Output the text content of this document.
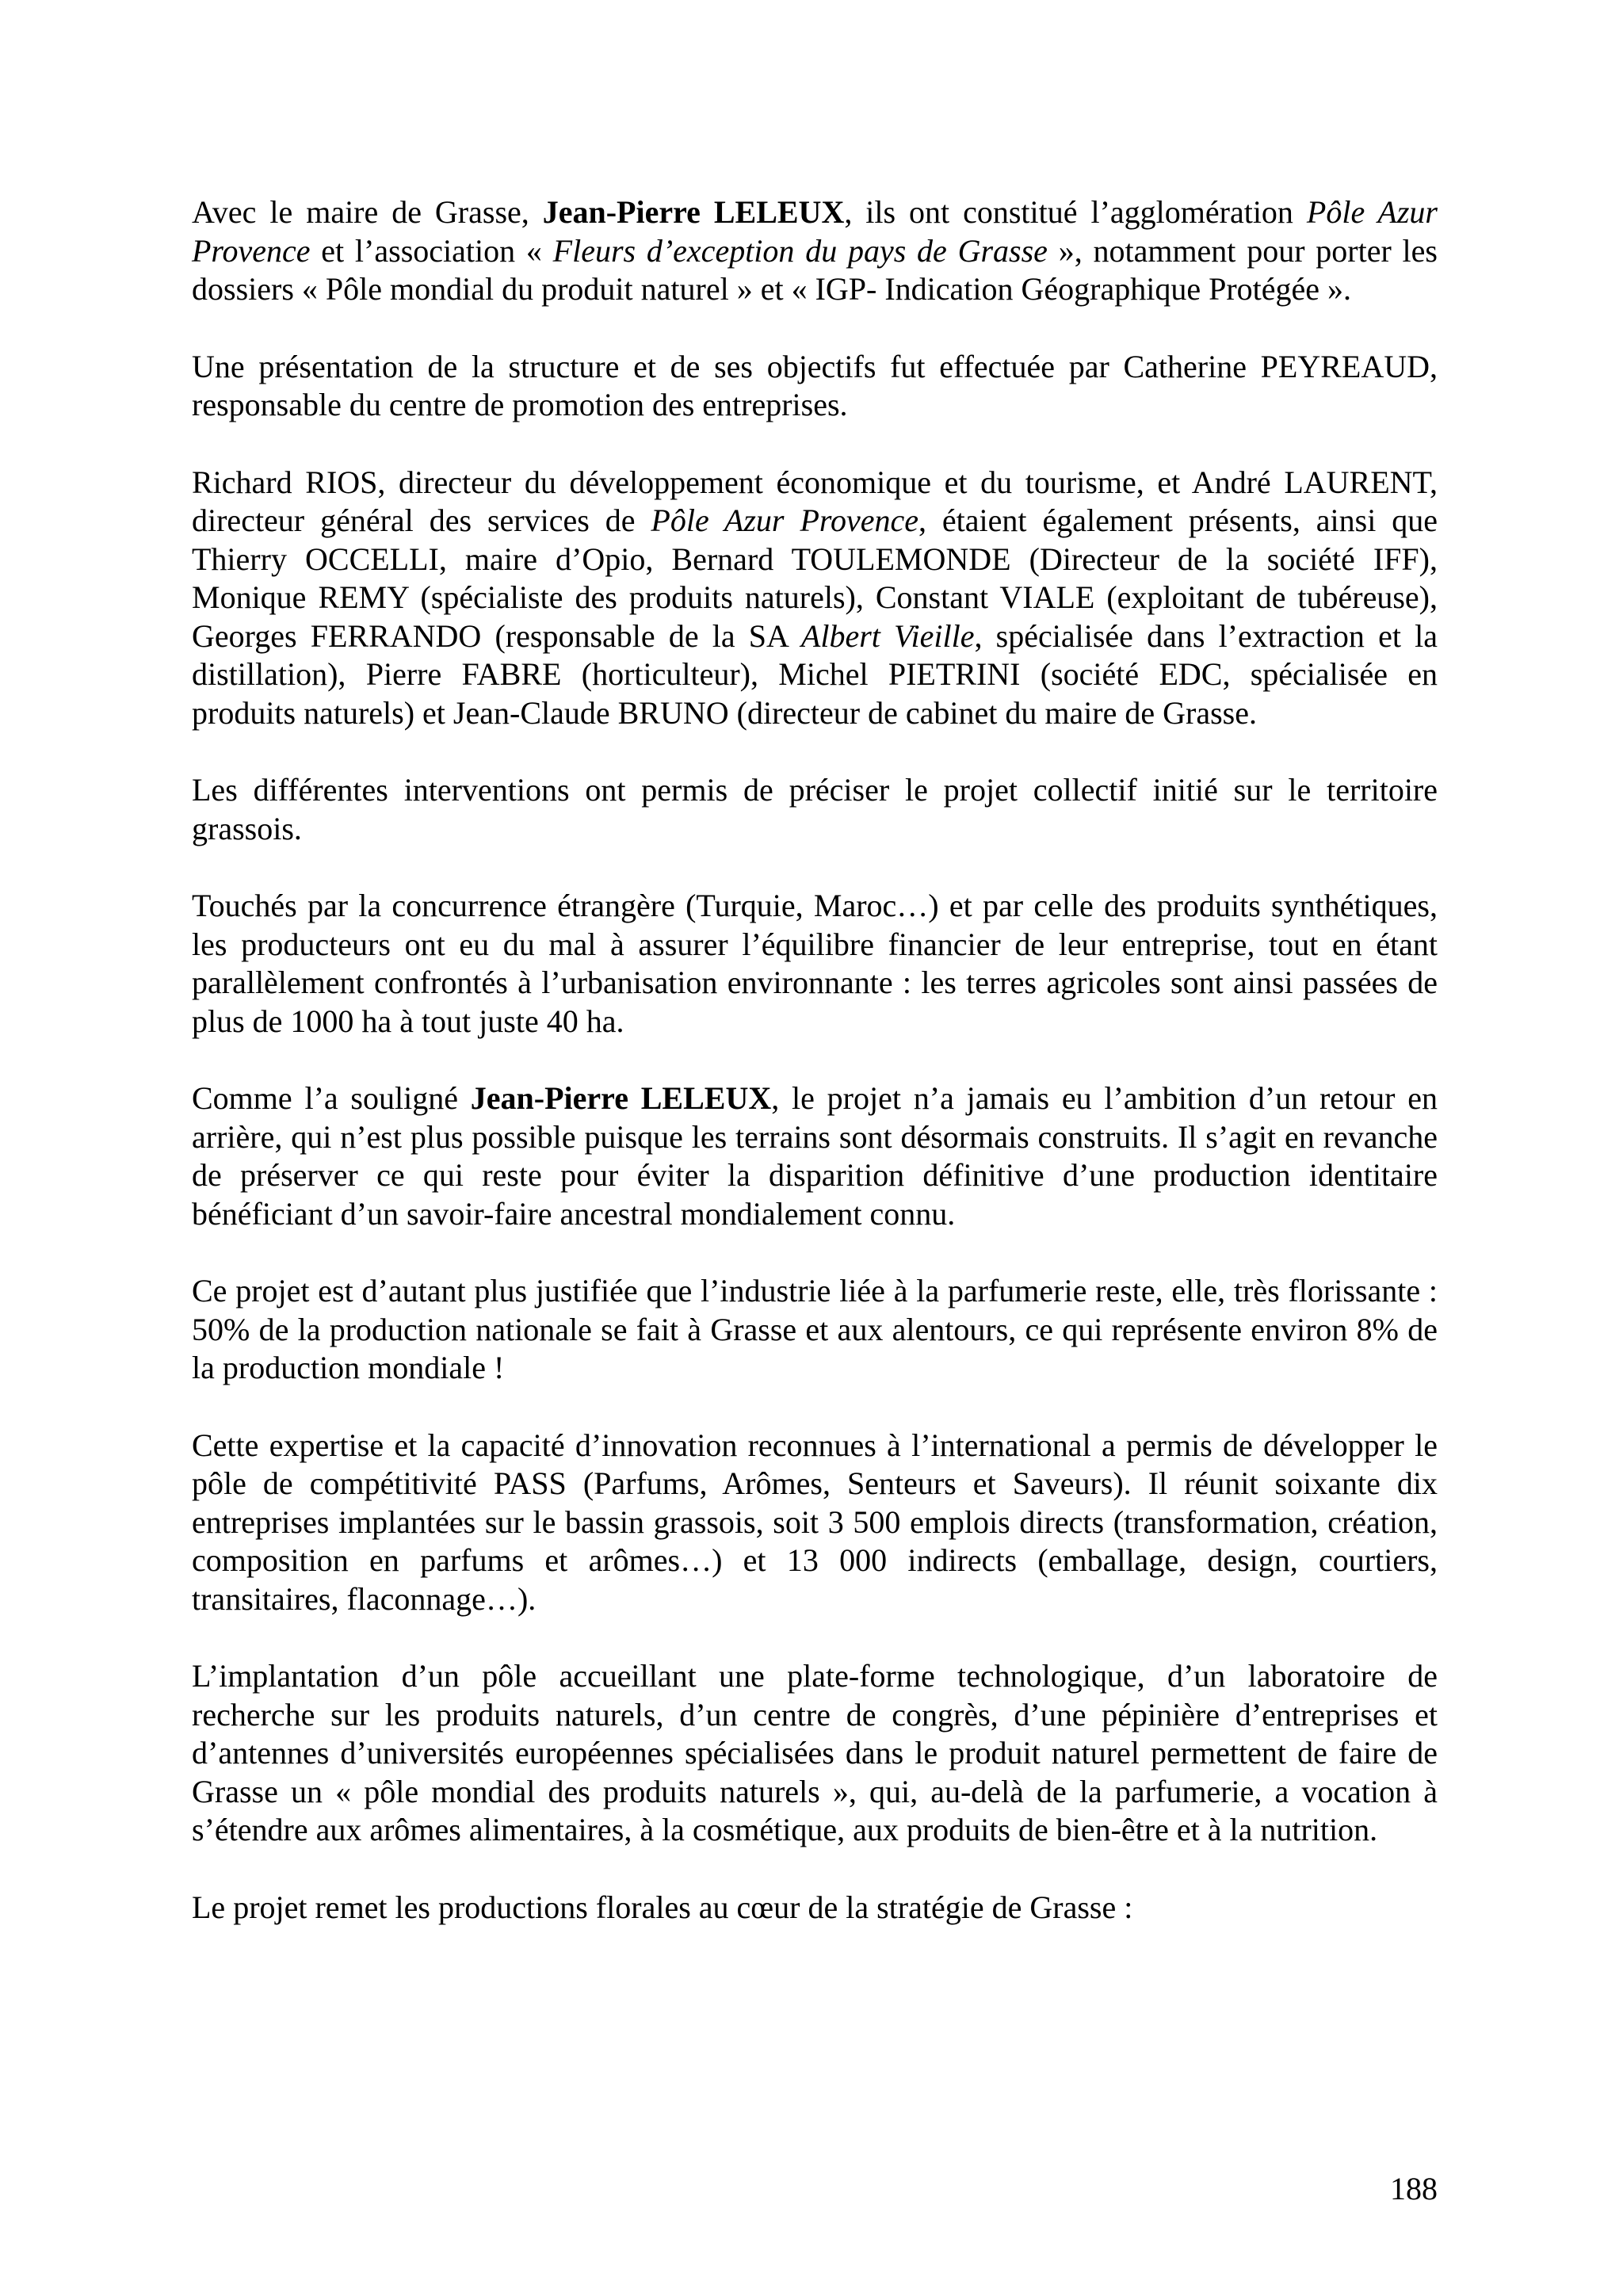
Avec le maire de Grasse, Jean-Pierre LELEUX, ils ont constitué l’agglomération Pôle Azur Provence et l’association « Fleurs d’exception du pays de Grasse », notamment pour porter les dossiers « Pôle mondial du produit naturel » et « IGP- Indication Géographique Protégée ».

Une présentation de la structure et de ses objectifs fut effectuée par Catherine PEYREAUD, responsable du centre de promotion des entreprises.

Richard RIOS, directeur du développement économique et du tourisme, et André LAURENT, directeur général des services de Pôle Azur Provence, étaient également présents, ainsi que Thierry OCCELLI, maire d’Opio, Bernard TOULEMONDE (Directeur de la société IFF), Monique REMY (spécialiste des produits naturels), Constant VIALE (exploitant de tubéreuse), Georges FERRANDO (responsable de la SA Albert Vieille, spécialisée dans l’extraction et la distillation), Pierre FABRE (horticulteur), Michel PIETRINI (société EDC, spécialisée en produits naturels) et Jean-Claude BRUNO (directeur de cabinet du maire de Grasse.

Les différentes interventions ont permis de préciser le projet collectif initié sur le territoire grassois.

Touchés par la concurrence étrangère (Turquie, Maroc…) et par celle des produits synthétiques, les producteurs ont eu du mal à assurer l’équilibre financier de leur entreprise, tout en étant parallèlement confrontés à l’urbanisation environnante : les terres agricoles sont ainsi passées de plus de 1000 ha à tout juste 40 ha.

Comme l’a souligné Jean-Pierre LELEUX, le projet n’a jamais eu l’ambition d’un retour en arrière, qui n’est plus possible puisque les terrains sont désormais construits. Il s’agit en revanche de préserver ce qui reste pour éviter la disparition définitive d’une production identitaire bénéficiant d’un savoir-faire ancestral mondialement connu.

Ce projet est d’autant plus justifiée que l’industrie liée à la parfumerie reste, elle, très florissante : 50% de la production nationale se fait à Grasse et aux alentours, ce qui représente environ 8% de la production mondiale !

Cette expertise et la capacité d’innovation reconnues à l’international a permis de développer le pôle de compétitivité PASS (Parfums, Arômes, Senteurs et Saveurs). Il réunit soixante dix entreprises implantées sur le bassin grassois, soit 3 500 emplois directs (transformation, création, composition en parfums et arômes…) et 13 000 indirects (emballage, design, courtiers, transitaires, flaconnage…).

L’implantation d’un pôle accueillant une plate-forme technologique, d’un laboratoire de recherche sur les produits naturels, d’un centre de congrès, d’une pépinière d’entreprises et d’antennes d’universités européennes spécialisées dans le produit naturel permettent de faire de Grasse un « pôle mondial des produits naturels », qui, au-delà de la parfumerie, a vocation à s’étendre aux arômes alimentaires, à la cosmétique, aux produits de bien-être et à la nutrition.

Le projet remet les productions florales au cœur de la stratégie de Grasse :

188
